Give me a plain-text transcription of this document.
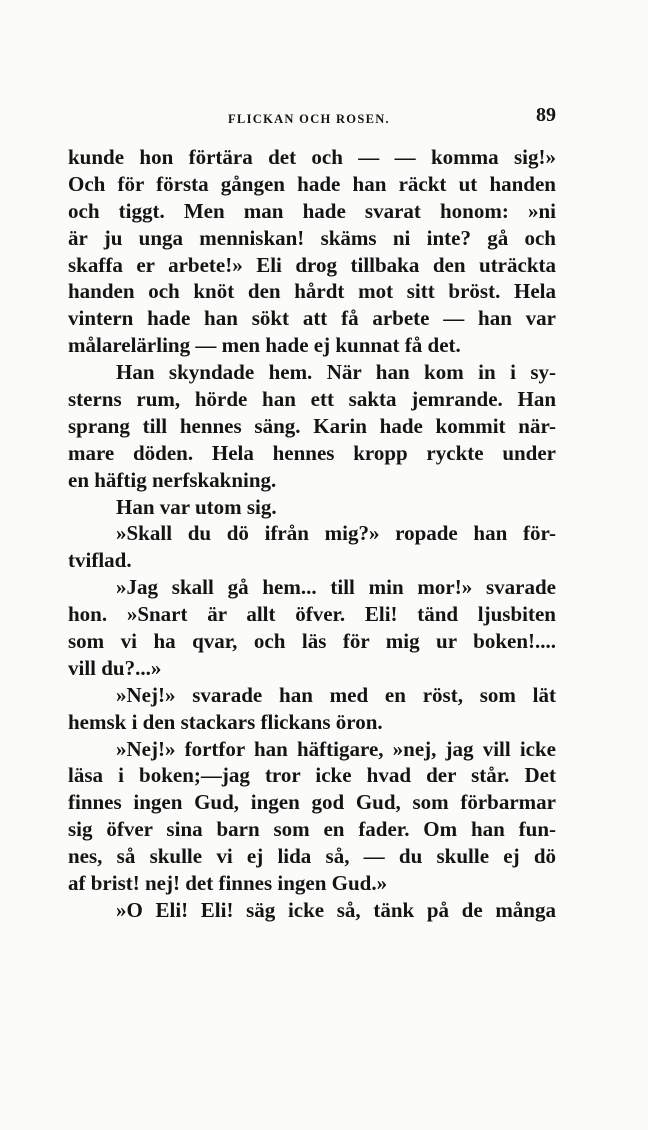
FLICKAN OCH ROSEN.	89
kunde hon förtära det och — — komma sig!»
Och för första gången hade han räckt ut handen
och tiggt. Men man hade svarat honom: »ni
är ju unga menniskan! skäms ni inte? gå och
skaffa er arbete!» Eli drog tillbaka den uträckta
handen och knöt den hårdt mot sitt bröst. Hela
vintern hade han sökt att få arbete — han var
målarelärling — men hade ej kunnat få det.
Han skyndade hem. När han kom in i sy-
sterns rum, hörde han ett sakta jemrande. Han
sprang till hennes säng. Karin hade kommit när-
mare döden. Hela hennes kropp ryckte under
en häftig nerfskakning.
Han var utom sig.
»Skall du dö ifrån mig?» ropade han för-
tviflad.
»Jag skall gå hem... till min mor!» svarade
hon. »Snart är allt öfver. Eli! tänd ljusbiten
som vi ha qvar, och läs för mig ur boken!....
vill du?...»
»Nej!» svarade han med en röst, som lät
hemsk i den stackars flickans öron.
»Nej!» fortfor han häftigare, »nej, jag vill icke
läsa i boken;—jag tror icke hvad der står. Det
finnes ingen Gud, ingen god Gud, som förbarmar
sig öfver sina barn som en fader. Om han fun-
nes, så skulle vi ej lida så, — du skulle ej dö
af brist! nej! det finnes ingen Gud.»
»O Eli! Eli! säg icke så, tänk på de många
